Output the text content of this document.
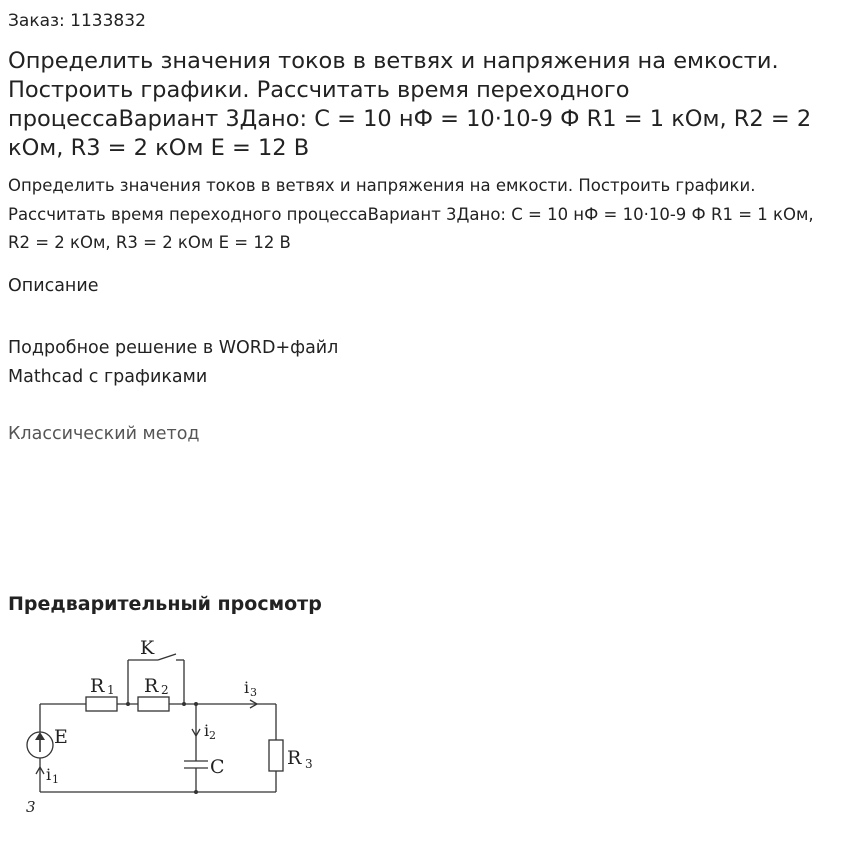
Заказ: 1133832

Определить значения токов в ветвях и напряжения на емкости. Построить графики. Рассчитать время переходного процессаВариант 3Дано: С = 10 нФ = 10·10-9 Ф R1 = 1 кОм, R2 = 2 кОм, R3 = 2 кОм Е = 12 В

Определить значения токов в ветвях и напряжения на емкости. Построить графики. Рассчитать время переходного процессаВариант 3Дано: С = 10 нФ = 10·10-9 Ф R1 = 1 кОм, R2 = 2 кОм, R3 = 2 кОм Е = 12 В

Описание

Подробное решение в WORD+файл

Mathcad с графиками

Классический метод

Предварительный просмотр
K
R 1 R 2	i 3
E	i 2
C	R 3
i 1
3
